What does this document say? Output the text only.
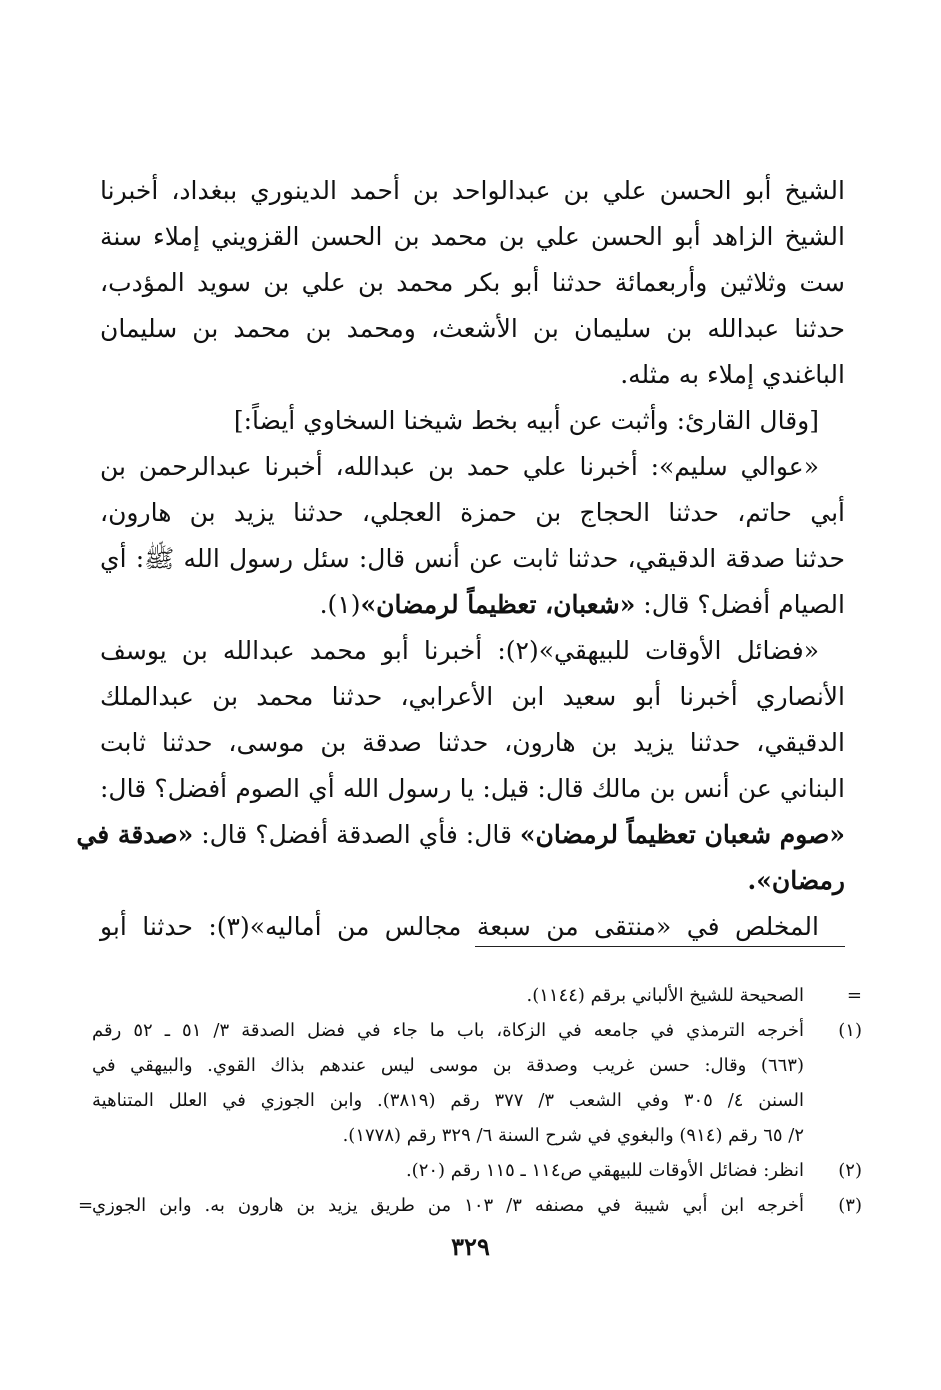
الشيخ أبو الحسن علي بن عبدالواحد بن أحمد الدينوري ببغداد، أخبرنا
الشيخ الزاهد أبو الحسن علي بن محمد بن الحسن القزويني إملاء سنة
ست وثلاثين وأربعمائة حدثنا أبو بكر محمد بن علي بن سويد المؤدب،
حدثنا عبدالله بن سليمان بن الأشعث، ومحمد بن محمد بن سليمان
الباغندي إملاء به مثله.
[وقال القارئ: وأثبت عن أبيه بخط شيخنا السخاوي أيضاً:]
«عوالي سليم»: أخبرنا علي حمد بن عبدالله، أخبرنا عبدالرحمن بن
أبي حاتم، حدثنا الحجاج بن حمزة العجلي، حدثنا يزيد بن هارون،
حدثنا صدقة الدقيقي، حدثنا ثابت عن أنس قال: سئل رسول الله ﷺ: أي
الصيام أفضل؟ قال: «شعبان، تعظيماً لرمضان»(١).
«فضائل الأوقات للبيهقي»(٢): أخبرنا أبو محمد عبدالله بن يوسف
الأنصاري أخبرنا أبو سعيد ابن الأعرابي، حدثنا محمد بن عبدالملك
الدقيقي، حدثنا يزيد بن هارون، حدثنا صدقة بن موسى، حدثنا ثابت
البناني عن أنس بن مالك قال: قيل: يا رسول الله أي الصوم أفضل؟ قال:
«صوم شعبان تعظيماً لرمضان» قال: فأي الصدقة أفضل؟ قال: «صدقة في
رمضان».
المخلص في «منتقى من سبعة مجالس من أماليه»(٣): حدثنا أبو
=
الصحيحة للشيخ الألباني برقم (١١٤٤).
(١)
أخرجه الترمذي في جامعه في الزكاة، باب ما جاء في فضل الصدقة ٣/ ٥١ ـ ٥٢ رقم
(٦٦٣) وقال: حسن غريب وصدقة بن موسى ليس عندهم بذاك القوي. والبيهقي في
السنن ٤/ ٣٠٥ وفي الشعب ٣/ ٣٧٧ رقم (٣٨١٩). وابن الجوزي في العلل المتناهية
٢/ ٦٥ رقم (٩١٤) والبغوي في شرح السنة ٦/ ٣٢٩ رقم (١٧٧٨).
(٢)
انظر: فضائل الأوقات للبيهقي ص١١٤ ـ ١١٥ رقم (٢٠).
(٣)
أخرجه ابن أبي شيبة في مصنفه ٣/ ١٠٣ من طريق يزيد بن هارون به. وابن الجوزي
=
٣٢٩
